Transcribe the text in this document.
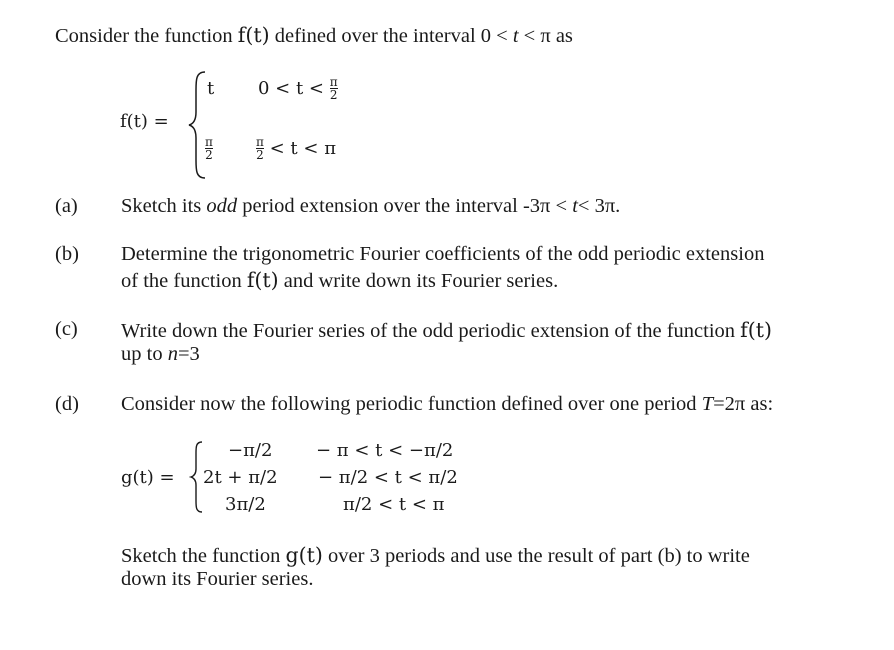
Consider the function f(t) defined over the interval 0 < t < π as
f(t) =
t $0 < t < \frac{\pi}{2}$
$\frac{\pi}{2}$	$\frac{\pi}{2} < t < \pi$
(a) Sketch its odd period extension over the interval -3π < t< 3π.
(b) Determine the trigonometric Fourier coefficients of the odd periodic extension
of the function f(t) and write down its Fourier series.
(c) Write down the Fourier series of the odd periodic extension of the function f(t)
up to n=3
(d) Consider now the following periodic function defined over one period T=2π as:
g(t) =
−π/2 − π < t < −π/2
2t + π/2 − π/2 < t < π/2
3π/2	π/2 < t < π
Sketch the function g(t) over 3 periods and use the result of part (b) to write
down its Fourier series.
